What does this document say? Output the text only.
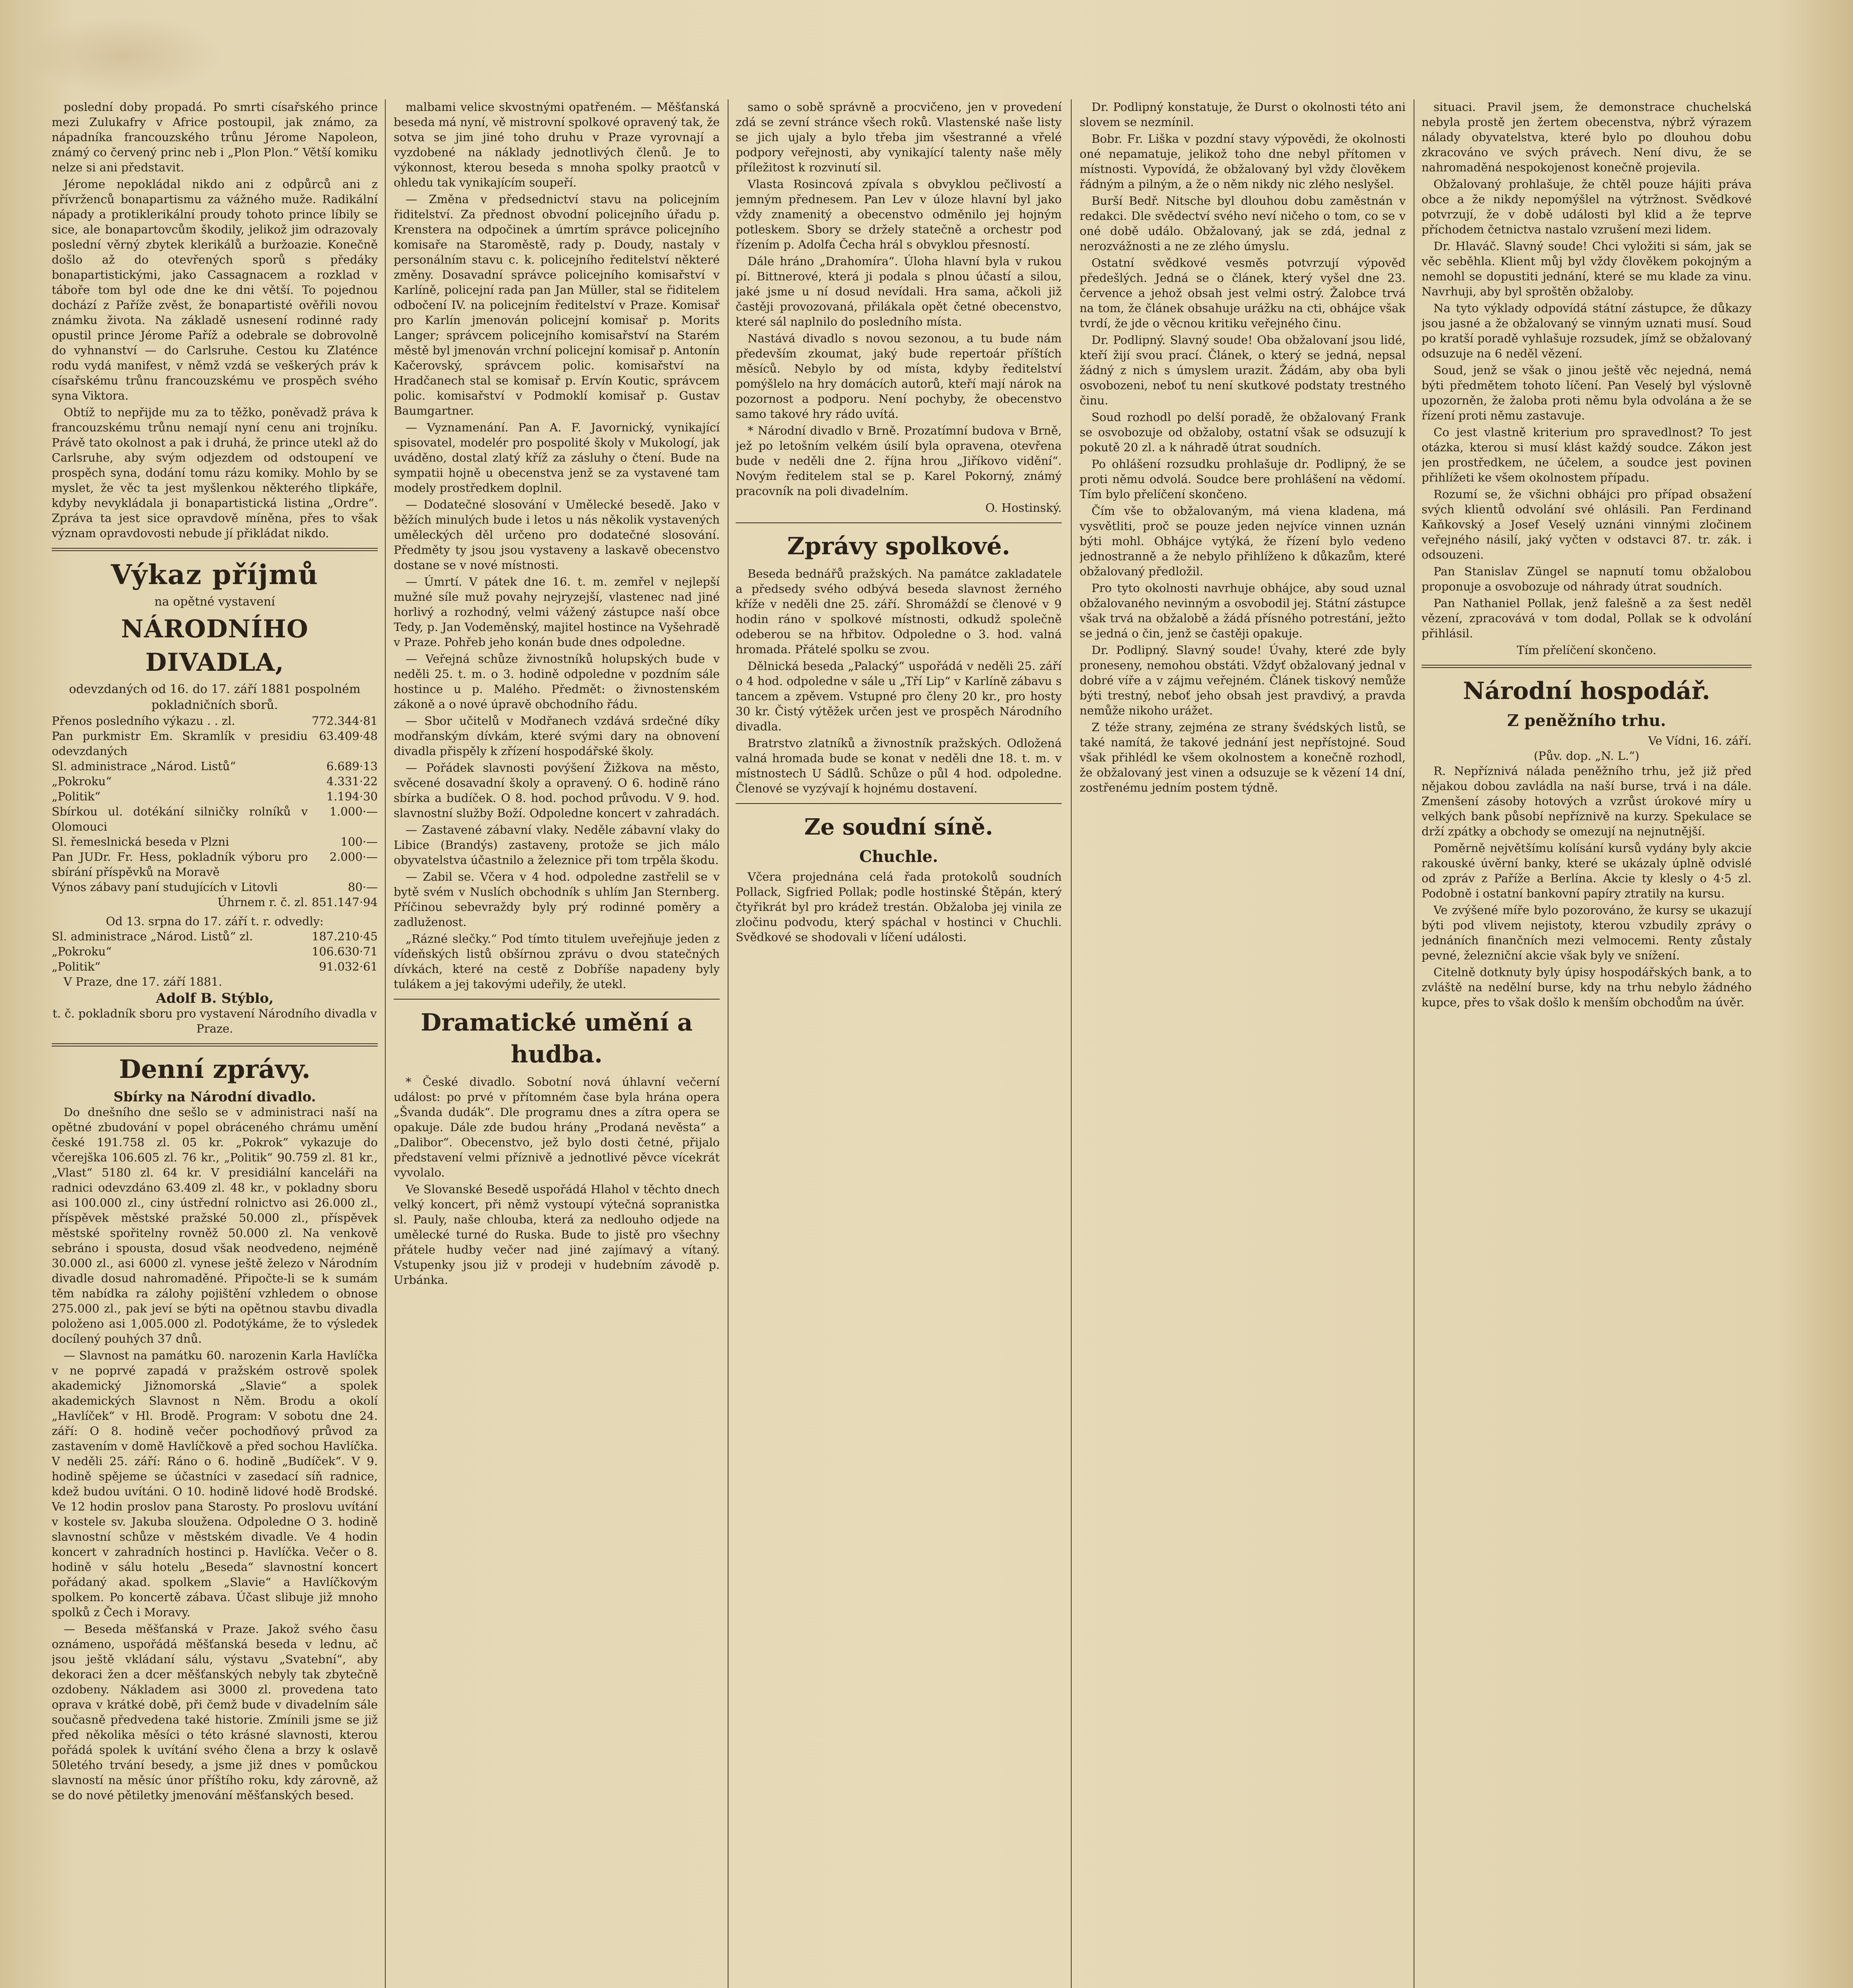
poslední doby propadá. Po smrti císařského prince mezi Zulukafry v Africe postoupil, jak známo, za nápadníka francouzského trůnu Jérome Napoleon, známý co červený princ neb i „Plon Plon.“ Větší komiku nelze si ani představit.

Jérome nepokládal nikdo ani z odpůrců ani z přívrženců bonapartismu za vážného muže. Radikální nápady a protiklerikální proudy tohoto prince líbily se sice, ale bonapartovcům škodily, jelikož jim odrazovaly poslední věrný zbytek klerikálů a buržoazie. Konečně došlo až do otevřených sporů s předáky bonapartistickými, jako Cassagnacem a rozklad v táboře tom byl ode dne ke dni větší. To pojednou dochází z Paříže zvěst, že bonapartisté ověřili novou známku života. Na základě usnesení rodinné rady opustil prince Jérome Paříž a odebrale se dobrovolně do vyhnanství — do Carlsruhe. Cestou ku Zlaténce rodu vydá manifest, v němž vzdá se veškerých práv k císařskému trůnu francouzskému ve prospěch svého syna Viktora.

Obtíž to nepřijde mu za to těžko, poněvadž práva k francouzskému trůnu nemají nyní cenu ani trojníku. Právě tato okolnost a pak i druhá, že prince utekl až do Carlsruhe, aby svým odjezdem od odstoupení ve prospěch syna, dodání tomu rázu komiky. Mohlo by se myslet, že věc ta jest myšlenkou některého tlipkáře, kdyby nevykládala ji bonapartistická listina „Ordre“. Zpráva ta jest sice opravdově míněna, přes to však význam opravdovosti nebude jí přikládat nikdo.

Výkaz příjmů
na opětné vystavení
NÁRODNÍHO DIVADLA,
odevzdaných od 16. do 17. září 1881 pospolném pokladničních sborů.
Přenos posledního výkazu . . zl.	772.344·81
Pan purkmistr Em. Skramlík v presidiu odevzdaných	63.409·48
Sl. administrace „Národ. Listů“	6.689·13
„Pokroku“	4.331·22
„Politik“	1.194·30
Sbírkou ul. dotékání silničky rolníků v Olomouci	1.000·—
Sl. řemeslnická beseda v Plzni	100·—
Pan JUDr. Fr. Hess, pokladník výboru pro sbírání příspěvků na Moravě	2.000·—
Výnos zábavy paní studujících v Litovli	80·—
Úhrnem r. č. zl.	851.147·94
Od 13. srpna do 17. září t. r. odvedly:
Sl. administrace „Národ. Listů“ zl.	187.210·45
„Pokroku“	106.630·71
„Politik“	91.032·61

V Praze, dne 17. září 1881.

Adolf B. Stýblo,
t. č. pokladník sboru pro vystavení Národního divadla v Praze.
Denní zprávy.
Sbírky na Národní divadlo.

Do dnešního dne sešlo se v administraci naší na opětné zbudování v popel obráceného chrámu umění české 191.758 zl. 05 kr. „Pokrok“ vykazuje do včerejška 106.605 zl. 76 kr., „Politik“ 90.759 zl. 81 kr., „Vlast“ 5180 zl. 64 kr. V presidiální kanceláři na radnici odevzdáno 63.409 zl. 48 kr., v pokladny sboru asi 100.000 zl., ciny ústřední rolnictvo asi 26.000 zl., příspěvek městské pražské 50.000 zl., příspěvek městské spořitelny rovněž 50.000 zl. Na venkově sebráno i spousta, dosud však neodvedeno, nejméně 30.000 zl., asi 6000 zl. vynese ještě železo v Národním divadle dosud nahromaděné. Připočte-li se k sumám těm nabídka ra zálohy pojištění vzhledem o obnose 275.000 zl., pak jeví se býti na opětnou stavbu divadla položeno asi 1,005.000 zl. Podotýkáme, že to výsledek docílený pouhých 37 dnů.

— Slavnost na památku 60. narozenin Karla Havlíčka v ne poprvé zapadá v pražském ostrově spolek akademický Jižnomorská „Slavie“ a spolek akademických Slavnost n Něm. Brodu a okolí „Havlíček“ v Hl. Brodě. Program: V sobotu dne 24. září: O 8. hodině večer pochodňový průvod za zastavením v domě Havlíčkově a před sochou Havlíčka. V neděli 25. září: Ráno o 6. hodině „Budíček“. V 9. hodině spějeme se účastníci v zasedací síň radnice, kdež budou uvítáni. O 10. hodině lidové hodě Brodské. Ve 12 hodin proslov pana Starosty. Po proslovu uvítání v kostele sv. Jakuba sloužena. Odpoledne O 3. hodině slavnostní schůze v městském divadle. Ve 4 hodin koncert v zahradních hostinci p. Havlíčka. Večer o 8. hodině v sálu hotelu „Beseda“ slavnostní koncert pořádaný akad. spolkem „Slavie“ a Havlíčkovým spolkem. Po koncertě zábava. Účast slibuje již mnoho spolků z Čech i Moravy.

— Beseda měšťanská v Praze. Jakož svého času oznámeno, uspořádá měšťanská beseda v lednu, ač jsou ještě vkládaní sálu, výstavu „Svatební“, aby dekoraci žen a dcer měšťanských nebyly tak zbytečně ozdobeny. Nákladem asi 3000 zl. provedena tato oprava v krátké době, při čemž bude v divadelním sále současně předvedena také historie. Zmínili jsme se již před několika měsíci o této krásné slavnosti, kterou pořádá spolek k uvítání svého člena a brzy k oslavě 50letého trvání besedy, a jsme již dnes v pomůckou slavností na měsíc únor příštího roku, kdy zárovně, až se do nové pětiletky jmenování měšťanských besed.

malbami velice skvostnými opatřeném. — Měšťanská beseda má nyní, vě mistrovní spolkové opravený tak, že sotva se jim jiné toho druhu v Praze vyrovnají a vyzdobené na náklady jednotlivých členů. Je to výkonnost, kterou beseda s mnoha spolky praotců v ohledu tak vynikajícím soupeří.

— Změna v předsednictví stavu na policejním řiditelství. Za přednost obvodní policejního úřadu p. Krenstera na odpočinek a úmrtím správce policejního komisaře na Staroměstě, rady p. Doudy, nastaly v personálním stavu c. k. policejního ředitelství některé změny. Dosavadní správce policejního komisařství v Karlíně, policejní rada pan Jan Müller, stal se řiditelem odbočení IV. na policejním ředitelství v Praze. Komisař pro Karlín jmenován policejní komisař p. Morits Langer; správcem policejního komisařství na Starém městě byl jmenován vrchní policejní komisař p. Antonín Kačerovský, správcem polic. komisařství na Hradčanech stal se komisař p. Ervín Koutic, správcem polic. komisařství v Podmoklí komisař p. Gustav Baumgartner.

— Vyznamenání. Pan A. F. Javornický, vynikající spisovatel, modelér pro pospolité školy v Mukologí, jak uváděno, dostal zlatý kříž za zásluhy o čtení. Bude na sympatii hojně u obecenstva jenž se za vystavené tam modely prostředkem doplnil.

— Dodatečné slosování v Umělecké besedě. Jako v běžích minulých bude i letos u nás několik vystavených uměleckých děl určeno pro dodatečné slosování. Předměty ty jsou jsou vystaveny a laskavě obecenstvo dostane se v nové místnosti.

— Úmrtí. V pátek dne 16. t. m. zemřel v nejlepší mužné síle muž povahy nejryzejší, vlastenec nad jiné horlivý a rozhodný, velmi vážený zástupce naší obce Tedy, p. Jan Vodeměnský, majitel hostince na Vyšehradě v Praze. Pohřeb jeho konán bude dnes odpoledne.

— Veřejná schůze živnostníků holupských bude v neděli 25. t. m. o 3. hodině odpoledne v pozdním sále hostince u p. Malého. Předmět: o živnostenském zákoně a o nové úpravě obchodního řádu.

— Sbor učitelů v Modřanech vzdává srdečné díky modřanským dívkám, které svými dary na obnovení divadla přispěly k zřízení hospodářské školy.

— Pořádek slavnosti povýšení Žižkova na město, svěcené dosavadní školy a opravený. O 6. hodině ráno sbírka a budíček. O 8. hod. pochod průvodu. V 9. hod. slavnostní služby Boží. Odpoledne koncert v zahradách.

— Zastavené zábavní vlaky. Neděle zábavní vlaky do Libice (Brandýs) zastaveny, protože se jich málo obyvatelstva účastnilo a železnice při tom trpěla škodu.

— Zabil se. Včera v 4 hod. odpoledne zastřelil se v bytě svém v Nuslích obchodník s uhlím Jan Sternberg. Příčinou sebevraždy byly prý rodinné poměry a zadluženost.

„Rázné slečky.“ Pod tímto titulem uveřejňuje jeden z vídeňských listů obšírnou zprávu o dvou statečných dívkách, které na cestě z Dobříše napadeny byly tulákem a jej takovými udeřily, že utekl.

Dramatické umění a hudba.

* České divadlo. Sobotní nová úhlavní večerní událost: po prvé v přítomném čase byla hrána opera „Švanda dudák“. Dle programu dnes a zítra opera se opakuje. Dále zde budou hrány „Prodaná nevěsta“ a „Dalibor“. Obecenstvo, jež bylo dosti četné, přijalo představení velmi příznivě a jednotlivé pěvce vícekrát vyvolalo.

Ve Slovanské Besedě uspořádá Hlahol v těchto dnech velký koncert, při němž vystoupí výtečná sopranistka sl. Pauly, naše chlouba, která za nedlouho odjede na umělecké turné do Ruska. Bude to jistě pro všechny přátele hudby večer nad jiné zajímavý a vítaný. Vstupenky jsou již v prodeji v hudebním závodě p. Urbánka.

samo o sobě správně a procvičeno, jen v provedení zdá se zevní stránce všech roků. Vlastenské naše listy se jich ujaly a bylo třeba jim všestranné a vřelé podpory veřejnosti, aby vynikající talenty naše měly příležitost k rozvinutí sil.

Vlasta Rosincová zpívala s obvyklou pečlivostí a jemným přednesem. Pan Lev v úloze hlavní byl jako vždy znamenitý a obecenstvo odměnilo jej hojným potleskem. Sbory se držely statečně a orchestr pod řízením p. Adolfa Čecha hrál s obvyklou přesností.

Dále hráno „Drahomíra“. Úloha hlavní byla v rukou pí. Bittnerové, která ji podala s plnou účastí a silou, jaké jsme u ní dosud nevídali. Hra sama, ačkoli již častěji provozovaná, přilákala opět četné obecenstvo, které sál naplnilo do posledního místa.

Nastává divadlo s novou sezonou, a tu bude nám především zkoumat, jaký bude repertoár příštích měsíců. Nebylo by od místa, kdyby ředitelství pomýšlelo na hry domácích autorů, kteří mají nárok na pozornost a podporu. Není pochyby, že obecenstvo samo takové hry rádo uvítá.

* Národní divadlo v Brně. Prozatímní budova v Brně, jež po letošním velkém úsilí byla opravena, otevřena bude v neděli dne 2. října hrou „Jiříkovo vidění“. Novým ředitelem stal se p. Karel Pokorný, známý pracovník na poli divadelním.

O. Hostinský.
Zprávy spolkové.

Beseda bednářů pražských. Na památce zakladatele a předsedy svého odbývá beseda slavnost žerného kříže v neděli dne 25. září. Shromáždí se členové v 9 hodin ráno v spolkové místnosti, odkudž společně odeberou se na hřbitov. Odpoledne o 3. hod. valná hromada. Přátelé spolku se zvou.

Dělnická beseda „Palacký“ uspořádá v neděli 25. září o 4 hod. odpoledne v sále u „Tří Lip“ v Karlíně zábavu s tancem a zpěvem. Vstupné pro členy 20 kr., pro hosty 30 kr. Čistý výtěžek určen jest ve prospěch Národního divadla.

Bratrstvo zlatníků a živnostník pražských. Odložená valná hromada bude se konat v neděli dne 18. t. m. v místnostech U Sádlů. Schůze o půl 4 hod. odpoledne. Členové se vyzývají k hojnému dostavení.

Ze soudní síně.
Chuchle.

Včera projednána celá řada protokolů soudních Pollack, Sigfried Pollak; podle hostinské Štěpán, který čtyřikrát byl pro krádež trestán. Obžaloba jej vinila ze zločinu podvodu, který spáchal v hostinci v Chuchli. Svědkové se shodovali v líčení události.

Dr. Podlipný konstatuje, že Durst o okolnosti této ani slovem se nezmínil.

Bobr. Fr. Liška v pozdní stavy výpovědi, že okolnosti oné nepamatuje, jelikož toho dne nebyl přítomen v místnosti. Vypovídá, že obžalovaný byl vždy člověkem řádným a pilným, a že o něm nikdy nic zlého neslyšel.

Burší Bedř. Nitsche byl dlouhou dobu zaměstnán v redakci. Dle svědectví svého neví ničeho o tom, co se v oné době událo. Obžalovaný, jak se zdá, jednal z nerozvážnosti a ne ze zlého úmyslu.

Ostatní svědkové vesměs potvrzují výpověď předešlých. Jedná se o článek, který vyšel dne 23. července a jehož obsah jest velmi ostrý. Žalobce trvá na tom, že článek obsahuje urážku na cti, obhájce však tvrdí, že jde o věcnou kritiku veřejného činu.

Dr. Podlipný. Slavný soude! Oba obžalovaní jsou lidé, kteří žijí svou prací. Článek, o který se jedná, nepsal žádný z nich s úmyslem urazit. Žádám, aby oba byli osvobozeni, neboť tu není skutkové podstaty trestného činu.

Soud rozhodl po delší poradě, že obžalovaný Frank se osvobozuje od obžaloby, ostatní však se odsuzují k pokutě 20 zl. a k náhradě útrat soudních.

Po ohlášení rozsudku prohlašuje dr. Podlipný, že se proti němu odvolá. Soudce bere prohlášení na vědomí. Tím bylo přelíčení skončeno.

Čím vše to obžalovaným, má viena kladena, má vysvětliti, proč se pouze jeden nejvíce vinnen uznán býti mohl. Obhájce vytýká, že řízení bylo vedeno jednostranně a že nebylo přihlíženo k důkazům, které obžalovaný předložil.

Pro tyto okolnosti navrhuje obhájce, aby soud uznal obžalovaného nevinným a osvobodil jej. Státní zástupce však trvá na obžalobě a žádá přísného potrestání, ježto se jedná o čin, jenž se častěji opakuje.

Dr. Podlipný. Slavný soude! Úvahy, které zde byly proneseny, nemohou obstáti. Vždyť obžalovaný jednal v dobré víře a v zájmu veřejném. Článek tiskový nemůže býti trestný, neboť jeho obsah jest pravdivý, a pravda nemůže nikoho urážet.

Z téže strany, zejména ze strany švédských listů, se také namítá, že takové jednání jest nepřístojné. Soud však přihlédl ke všem okolnostem a konečně rozhodl, že obžalovaný jest vinen a odsuzuje se k vězení 14 dní, zostřenému jedním postem týdně.

situaci. Pravil jsem, že demonstrace chuchelská nebyla prostě jen žertem obecenstva, nýbrž výrazem nálady obyvatelstva, které bylo po dlouhou dobu zkracováno ve svých právech. Není divu, že se nahromaděná nespokojenost konečně projevila.

Obžalovaný prohlašuje, že chtěl pouze hájiti práva obce a že nikdy nepomýšlel na výtržnost. Svědkové potvrzují, že v době události byl klid a že teprve příchodem četnictva nastalo vzrušení mezi lidem.

Dr. Hlaváč. Slavný soude! Chci vyložiti si sám, jak se věc seběhla. Klient můj byl vždy člověkem pokojným a nemohl se dopustiti jednání, které se mu klade za vinu. Navrhuji, aby byl sproštěn obžaloby.

Na tyto výklady odpovídá státní zástupce, že důkazy jsou jasné a že obžalovaný se vinným uznati musí. Soud po kratší poradě vyhlašuje rozsudek, jímž se obžalovaný odsuzuje na 6 neděl vězení.

Soud, jenž se však o jinou ještě věc nejedná, nemá býti předmětem tohoto líčení. Pan Veselý byl výslovně upozorněn, že žaloba proti němu byla odvolána a že se řízení proti němu zastavuje.

Co jest vlastně kriterium pro spravedlnost? To jest otázka, kterou si musí klást každý soudce. Zákon jest jen prostředkem, ne účelem, a soudce jest povinen přihlížeti ke všem okolnostem případu.

Rozumí se, že všichni obhájci pro případ obsažení svých klientů odvolání své ohlásili. Pan Ferdinand Kaňkovský a Josef Veselý uznáni vinnými zločinem veřejného násilí, jaký vyčten v odstavci 87. tr. zák. i odsouzeni.

Pan Stanislav Züngel se napnutí tomu obžalobou proponuje a osvobozuje od náhrady útrat soudních.

Pan Nathaniel Pollak, jenž falešně a za šest neděl vězení, zpracovává v tom dodal, Pollak se k odvolání přihlásil.

Tím přelíčení skončeno.
Národní hospodář.
Z peněžního trhu.
Ve Vídni, 16. září.
(Pův. dop. „N. L.“)

R. Nepříznivá nálada peněžního trhu, jež již před nějakou dobou zavládla na naší burse, trvá i na dále. Zmenšení zásoby hotových a vzrůst úrokové míry u velkých bank působí nepříznivě na kurzy. Spekulace se drží zpátky a obchody se omezují na nejnutnější.

Poměrně největšímu kolísání kursů vydány byly akcie rakouské úvěrní banky, které se ukázaly úplně odvislé od zpráv z Paříže a Berlína. Akcie ty klesly o 4·5 zl. Podobně i ostatní bankovní papíry ztratily na kursu.

Ve zvýšené míře bylo pozorováno, že kursy se ukazují býti pod vlivem nejistoty, kterou vzbudily zprávy o jednáních finančních mezi velmocemi. Renty zůstaly pevné, železniční akcie však byly ve snížení.

Citelně dotknuty byly úpisy hospodářských bank, a to zvláště na nedělní burse, kdy na trhu nebylo žádného kupce, přes to však došlo k menším obchodům na úvěr.
